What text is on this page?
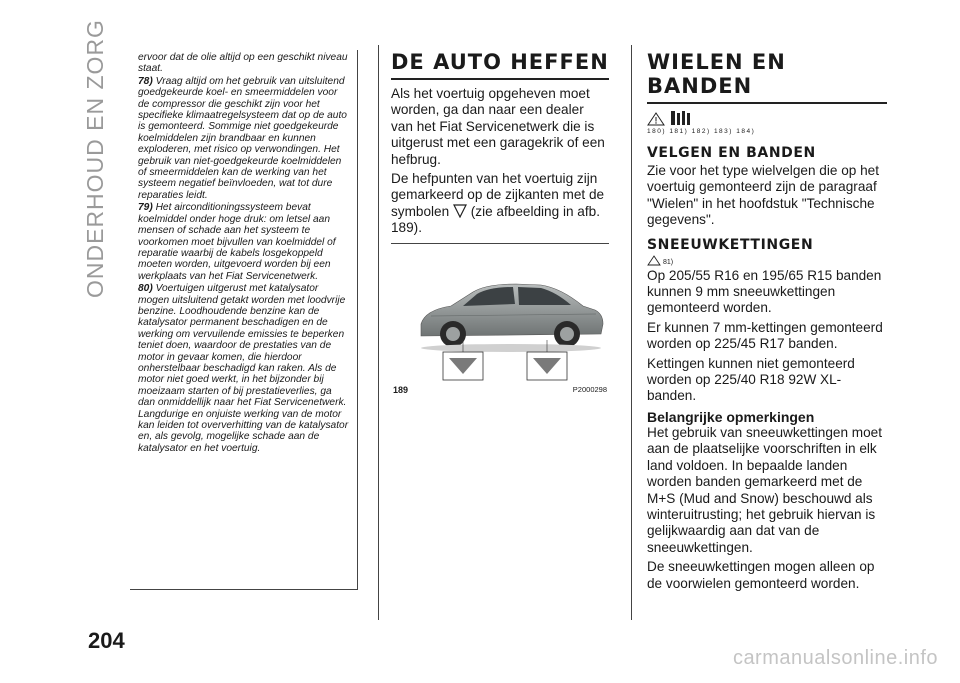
ONDERHOUD EN ZORG	ervoor dat de olie altijd op een geschikt niveau staat.

78) Vraag altijd om het gebruik van uitsluitend goedgekeurde koel- en smeermiddelen voor de compressor die geschikt zijn voor het specifieke klimaatregelsysteem dat op de auto is gemonteerd. Sommige niet goedgekeurde koelmiddelen zijn brandbaar en kunnen exploderen, met risico op verwondingen. Het gebruik van niet-goedgekeurde koelmiddelen of smeermiddelen kan de werking van het systeem negatief beïnvloeden, wat tot dure reparaties leidt.

79) Het airconditioningssysteem bevat koelmiddel onder hoge druk: om letsel aan mensen of schade aan het systeem te voorkomen moet bijvullen van koelmiddel of reparatie waarbij de kabels losgekoppeld moeten worden, uitgevoerd worden bij een werkplaats van het Fiat Servicenetwerk.

80) Voertuigen uitgerust met katalysator mogen uitsluitend getakt worden met loodvrije benzine. Loodhoudende benzine kan de katalysator permanent beschadigen en de werking om vervuilende emissies te beperken teniet doen, waardoor de prestaties van de motor in gevaar komen, die hierdoor onherstelbaar beschadigd kan raken. Als de motor niet goed werkt, in het bijzonder bij moeizaam starten of bij prestatieverlies, ga dan onmiddellijk naar het Fiat Servicenetwerk. Langdurige en onjuiste werking van de motor kan leiden tot oververhitting van de katalysator en, als gevolg, mogelijke schade aan de katalysator en het voertuig.

DE AUTO HEFFEN

Als het voertuig opgeheven moet worden, ga dan naar een dealer van het Fiat Servicenetwerk die is uitgerust met een garagekrik of een hefbrug.

De hefpunten van het voertuig zijn gemarkeerd op de zijkanten met de symbolen (zie afbeelding in afb. 189).

189	P2000298
WIELEN EN BANDEN
180) 181) 182) 183) 184)
VELGEN EN BANDEN

Zie voor het type wielvelgen die op het voertuig gemonteerd zijn de paragraaf "Wielen" in het hoofdstuk "Technische gegevens".

SNEEUWKETTINGEN
81)

Op 205/55 R16 en 195/65 R15 banden kunnen 9 mm sneeuwkettingen gemonteerd worden.

Er kunnen 7 mm-kettingen gemonteerd worden op 225/45 R17 banden.

Kettingen kunnen niet gemonteerd worden op 225/40 R18 92W XL-banden.

Belangrijke opmerkingen

Het gebruik van sneeuwkettingen moet aan de plaatselijke voorschriften in elk land voldoen. In bepaalde landen worden banden gemarkeerd met de M+S (Mud and Snow) beschouwd als winteruitrusting; het gebruik hiervan is gelijkwaardig aan dat van de sneeuwkettingen.

De sneeuwkettingen mogen alleen op de voorwielen gemonteerd worden.

204
carmanualsonline.info
